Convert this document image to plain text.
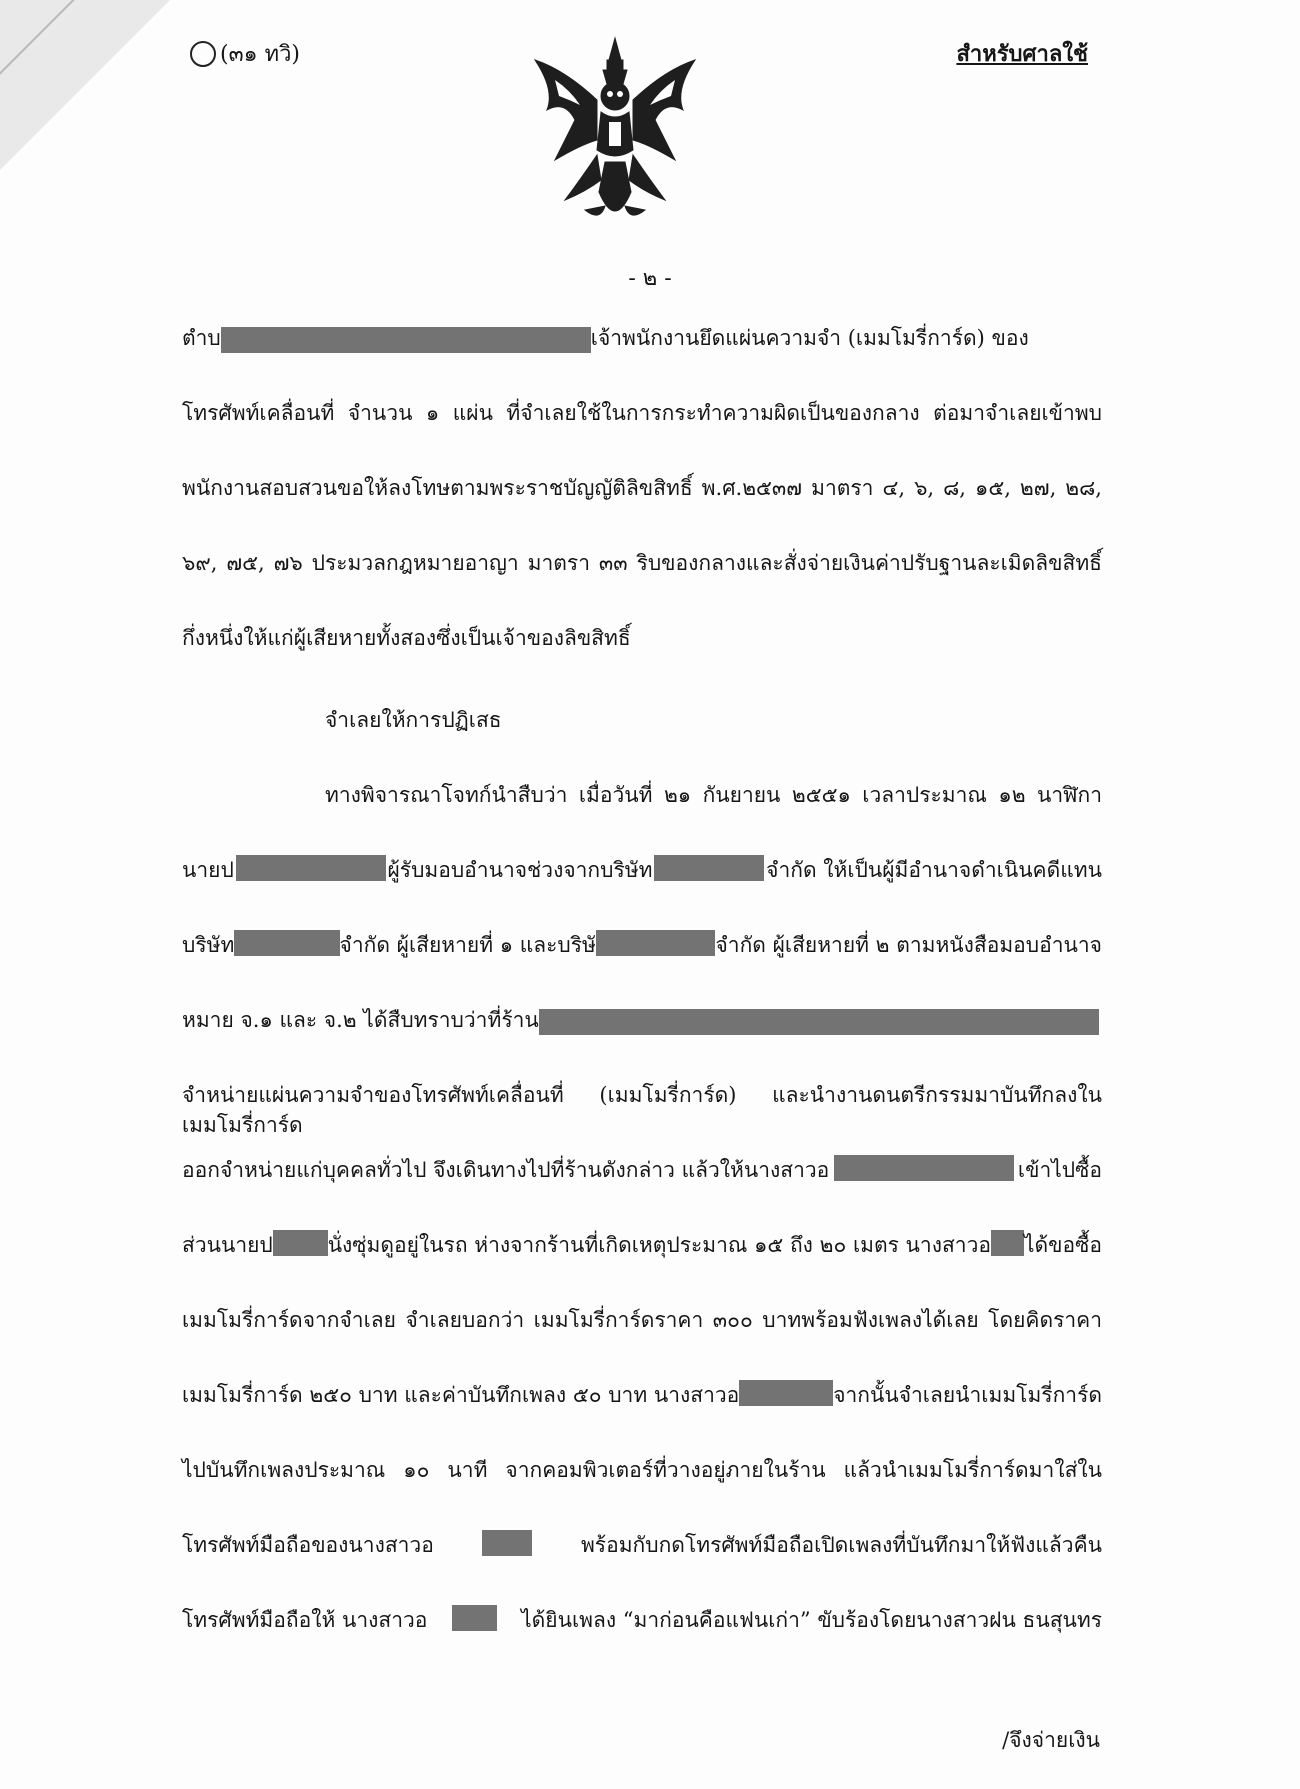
(๓๑ ทวิ)	สำหรับศาลใช้
- ๒ -
ตำบ	เจ้าพนักงานยึดแผ่นความจำ (เมมโมรี่การ์ด) ของ
โทรศัพท์เคลื่อนที่ จำนวน ๑ แผ่น ที่จำเลยใช้ในการกระทำความผิดเป็นของกลาง ต่อมาจำเลยเข้าพบ
พนักงานสอบสวนขอให้ลงโทษตามพระราชบัญญัติลิขสิทธิ์ พ.ศ.๒๕๓๗ มาตรา ๔, ๖, ๘, ๑๕, ๒๗, ๒๘,
๖๙, ๗๕, ๗๖ ประมวลกฎหมายอาญา มาตรา ๓๓ ริบของกลางและสั่งจ่ายเงินค่าปรับฐานละเมิดลิขสิทธิ์
กึ่งหนึ่งให้แก่ผู้เสียหายทั้งสองซึ่งเป็นเจ้าของลิขสิทธิ์
จำเลยให้การปฏิเสธ
ทางพิจารณาโจทก์นำสืบว่า เมื่อวันที่ ๒๑ กันยายน ๒๕๕๑ เวลาประมาณ ๑๒ นาฬิกา
นายป	ผู้รับมอบอำนาจช่วงจากบริษัท	จำกัด ให้เป็นผู้มีอำนาจดำเนินคดีแทน
บริษัท	จำกัด ผู้เสียหายที่ ๑ และบริษั	จำกัด ผู้เสียหายที่ ๒ ตามหนังสือมอบอำนาจ
หมาย จ.๑ และ จ.๒ ได้สืบทราบว่าที่ร้าน
จำหน่ายแผ่นความจำของโทรศัพท์เคลื่อนที่ (เมมโมรี่การ์ด) และนำงานดนตรีกรรมมาบันทึกลงในเมมโมรี่การ์ด
ออกจำหน่ายแก่บุคคลทั่วไป จึงเดินทางไปที่ร้านดังกล่าว แล้วให้นางสาวอ	เข้าไปซื้อ
ส่วนนายป	นั่งซุ่มดูอยู่ในรถ ห่างจากร้านที่เกิดเหตุประมาณ ๑๕ ถึง ๒๐ เมตร นางสาวอ ได้ขอซื้อ
เมมโมรี่การ์ดจากจำเลย จำเลยบอกว่า เมมโมรี่การ์ดราคา ๓๐๐ บาทพร้อมฟังเพลงได้เลย โดยคิดราคา
เมมโมรี่การ์ด ๒๕๐ บาท และค่าบันทึกเพลง ๕๐ บาท นางสาวอ	จากนั้นจำเลยนำเมมโมรี่การ์ด
ไปบันทึกเพลงประมาณ ๑๐ นาที จากคอมพิวเตอร์ที่วางอยู่ภายในร้าน แล้วนำเมมโมรี่การ์ดมาใส่ใน
โทรศัพท์มือถือของนางสาวอ	พร้อมกับกดโทรศัพท์มือถือเปิดเพลงที่บันทึกมาให้ฟังแล้วคืน
โทรศัพท์มือถือให้ นางสาวอ	ได้ยินเพลง “มาก่อนคือแฟนเก่า” ขับร้องโดยนางสาวฝน ธนสุนทร
/จึงจ่ายเงิน
